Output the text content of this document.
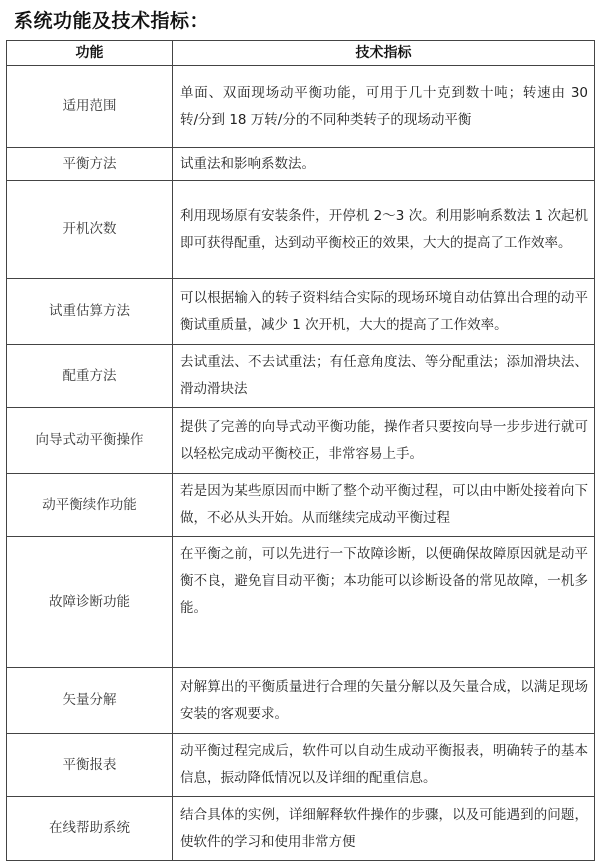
系统功能及技术指标：
功能	技术指标
适用范围	单面、双面现场动平衡功能，可用于几十克到数十吨；转速由 30 转/分到 18 万转/分的不同种类转子的现场动平衡
平衡方法	试重法和影响系数法。
开机次数	利用现场原有安装条件，开停机 2～3 次。利用影响系数法 1 次起机即可获得配重，达到动平衡校正的效果，大大的提高了工作效率。
试重估算方法	可以根据输入的转子资料结合实际的现场环境自动估算出合理的动平衡试重质量，减少 1 次开机，大大的提高了工作效率。
配重方法	去试重法、不去试重法；有任意角度法、等分配重法；添加滑块法、滑动滑块法
向导式动平衡操作	提供了完善的向导式动平衡功能，操作者只要按向导一步步进行就可以轻松完成动平衡校正，非常容易上手。
动平衡续作功能	若是因为某些原因而中断了整个动平衡过程，可以由中断处接着向下做，不必从头开始。从而继续完成动平衡过程
故障诊断功能	在平衡之前，可以先进行一下故障诊断，以便确保故障原因就是动平衡不良，避免盲目动平衡；本功能可以诊断设备的常见故障，一机多能。
矢量分解	对解算出的平衡质量进行合理的矢量分解以及矢量合成，以满足现场安装的客观要求。
平衡报表	动平衡过程完成后，软件可以自动生成动平衡报表，明确转子的基本信息，振动降低情况以及详细的配重信息。
在线帮助系统	结合具体的实例，详细解释软件操作的步骤，以及可能遇到的问题，使软件的学习和使用非常方便
